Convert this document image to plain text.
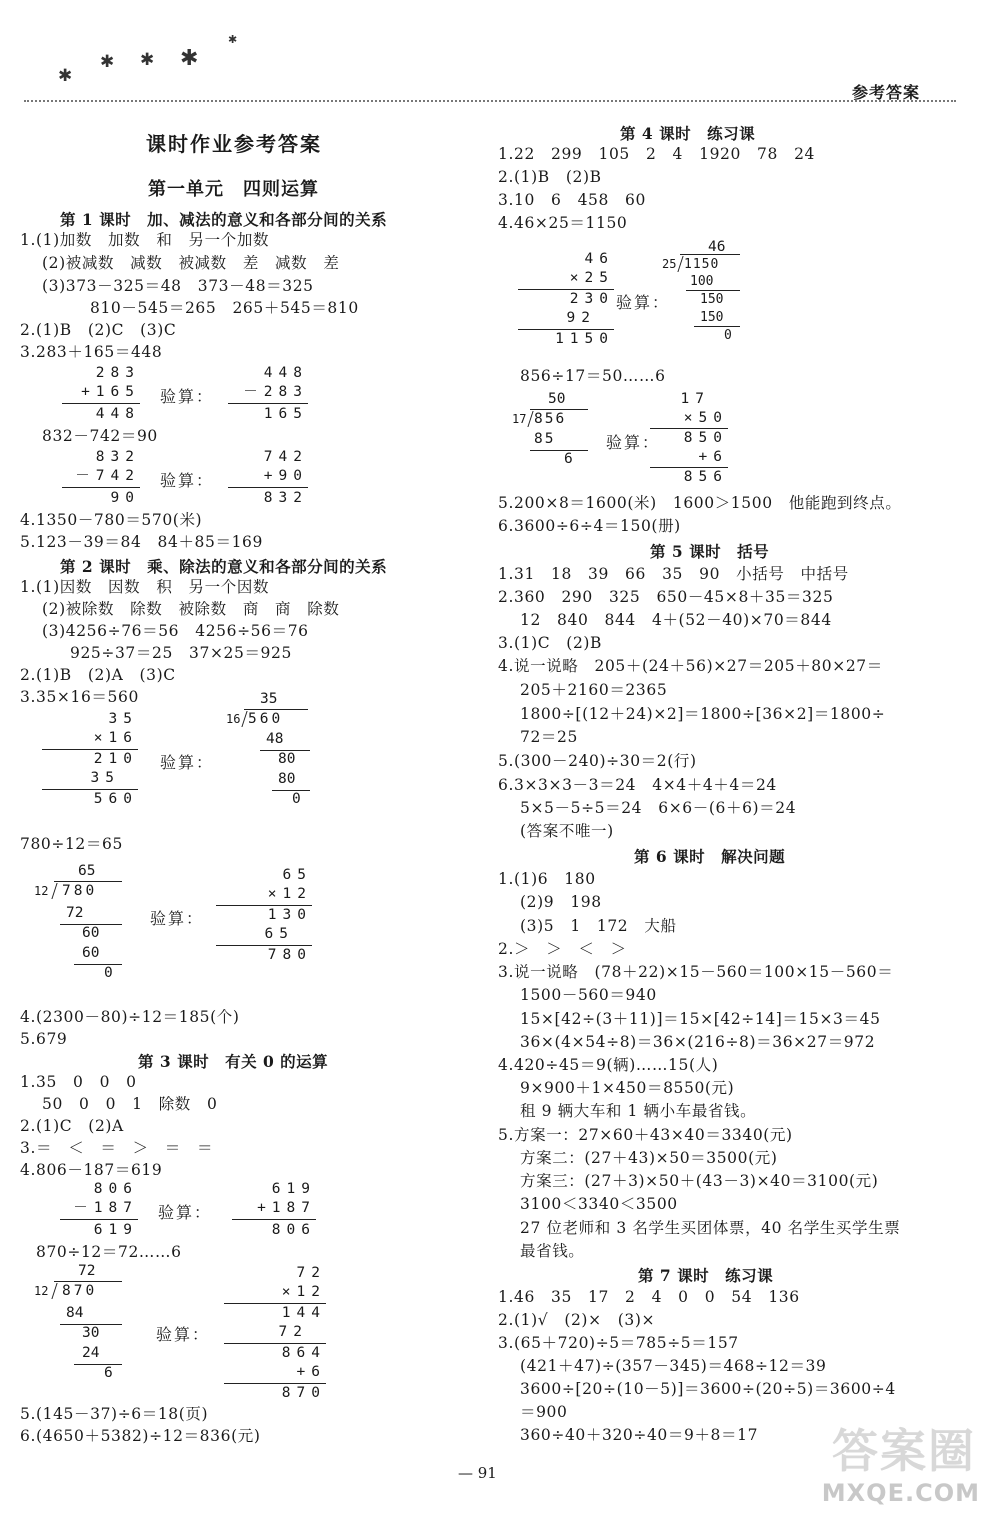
✱
✱ ✱ ✱
✱
参考答案
课时作业参考答案
第一单元　四则运算
第 1 课时　加、减法的意义和各部分间的关系
1.(1)加数　加数　和　另一个加数
(2)被减数　减数　被减数　差　减数　差
(3)373－325＝48　373－48＝325
810－545＝265　265＋545＝810
2.(1)B　(2)C　(3)C
3.283＋165＝448
283
+165
448
验算：
448
－283
165
832－742＝90
832
－742
90
验算：
742
+90
832
4.1350－780＝570(米)
5.123－39＝84　84＋85＝169
第 2 课时　乘、除法的意义和各部分间的关系
1.(1)因数　因数　积　另一个因数
(2)被除数　除数　被除数　商　商　除数
(3)4256÷76＝56　4256÷56＝76
925÷37＝25　37×25＝925
2.(1)B　(2)A　(3)C
3.35×16＝560
35
×16
210
35
560
验算：
35
16 560
48
80
80
0
780÷12＝65
65
12 780
72
60
60
0
验算：
65
×12
130
65
780
4.(2300－80)÷12＝185(个)
5.679
第 3 课时　有关 0 的运算
1.35　0　0　0
50　0　0　1　除数　0
2.(1)C　(2)A
3.＝　＜　＝　＞　＝　＝
4.806－187＝619
806
－187
619
验算：
619
+187
806
870÷12＝72……6
72
12 870
84
30
24
6
验算：
72
×12
144
72
864
+6
870
5.(145－37)÷6＝18(页)
6.(4650＋5382)÷12＝836(元)
第 4 课时　练习课
1.22　299　105　2　4　1920　78　24
2.(1)B　(2)B
3.10　6　458　60
4.46×25＝1150
46
×25
230
92
1150
验算：
46
25 1150
100
150
150
0
856÷17＝50……6
50
17 856
85
6
验算：
17
×50
850
+6
856
5.200×8＝1600(米)　1600＞1500　他能跑到终点。
6.3600÷6÷4＝150(册)
第 5 课时　括号
1.31　18　39　66　35　90　小括号　中括号
2.360　290　325　650－45×8＋35＝325
12　840　844　4＋(52－40)×70＝844
3.(1)C　(2)B
4.说一说略　205＋(24＋56)×27＝205＋80×27＝
205＋2160＝2365
1800÷[(12＋24)×2]＝1800÷[36×2]＝1800÷
72＝25
5.(300－240)÷30＝2(行)
6.3×3×3－3＝24　4×4＋4＋4＝24
5×5－5÷5＝24　6×6－(6＋6)＝24
(答案不唯一)
第 6 课时　解决问题
1.(1)6　180
(2)9　198
(3)5　1　172　大船
2.＞　＞　＜　＞
3.说一说略　(78＋22)×15－560＝100×15－560＝
1500－560＝940
15×[42÷(3＋11)]＝15×[42÷14]＝15×3＝45
36×(4×54÷8)＝36×(216÷8)＝36×27＝972
4.420÷45＝9(辆)……15(人)
9×900＋1×450＝8550(元)
租 9 辆大车和 1 辆小车最省钱。
5.方案一：27×60＋43×40＝3340(元)
方案二：(27＋43)×50＝3500(元)
方案三：(27＋3)×50＋(43－3)×40＝3100(元)
3100＜3340＜3500
27 位老师和 3 名学生买团体票，40 名学生买学生票
最省钱。
第 7 课时　练习课
1.46　35　17　2　4　0　0　54　136
2.(1)√　(2)×　(3)×
3.(65＋720)÷5＝785÷5＝157
(421＋47)÷(357－345)＝468÷12＝39
3600÷[20÷(10－5)]＝3600÷(20÷5)＝3600÷4
＝900
360÷40＋320÷40＝9＋8＝17
— 91	答案圈
MXQE.COM
